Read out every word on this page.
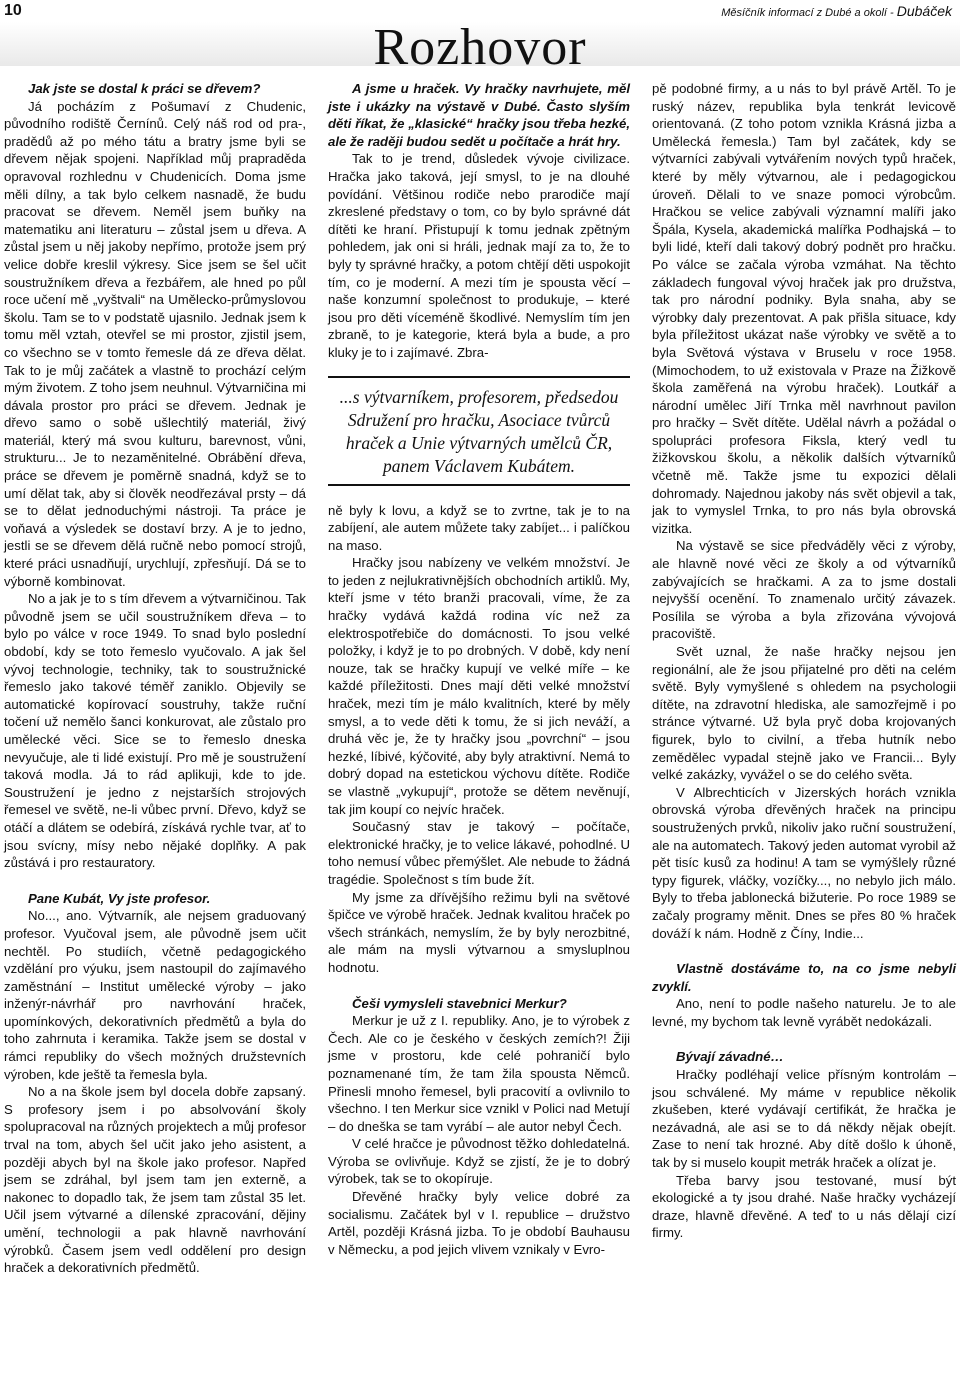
10	Měsíčník informací z Dubé a okolí - Dubáček
Rozhovor

Jak jste se dostal k práci se dřevem?

Já pocházím z Pošumaví z Chudenic, původního rodiště Černínů. Celý náš rod od pra-, pradědů až po mého tátu a bratry jsme byli se dřevem nějak spojeni. Například můj prapraděda opravoval rozhlednu v Chudenicích. Doma jsme měli dílny, a tak bylo celkem nasnadě, že budu pracovat se dřevem. Neměl jsem buňky na matematiku ani literaturu – zůstal jsem u dřeva. A zůstal jsem u něj jakoby nepřímo, protože jsem prý velice dobře kreslil výkresy. Sice jsem se šel učit soustružníkem dřeva a řezbářem, ale hned po půl roce učení mě „vyštvali“ na Umělecko-průmyslovou školu. Tam se to v podstatě ujasnilo. Jednak jsem k tomu měl vztah, otevřel se mi prostor, zjistil jsem, co všechno se v tomto řemesle dá ze dřeva dělat. Tak to je můj začátek a vlastně to prochází celým mým životem. Z toho jsem neuhnul. Výtvarničina mi dávala prostor pro práci se dřevem. Jednak je dřevo samo o sobě ušlechtilý materiál, živý materiál, který má svou kulturu, barevnost, vůni, strukturu... Je to nezaměnitelné. Obrábění dřeva, práce se dřevem je poměrně snadná, když se to umí dělat tak, aby si člověk neodřezával prsty – dá se to dělat jednoduchými nástroji. Ta práce je voňavá a výsledek se dostaví brzy. A je to jedno, jestli se se dřevem dělá ručně nebo pomocí strojů, které práci usnadňují, urychlují, zpřesňují. Dá se to výborně kombinovat.

No a jak je to s tím dřevem a výtvarničinou. Tak původně jsem se učil soustružníkem dřeva – to bylo po válce v roce 1949. To snad bylo poslední období, kdy se toto řemeslo vyučovalo. A jak šel vývoj technologie, techniky, tak to soustružnické řemeslo jako takové téměř zaniklo. Objevily se automatické kopírovací soustruhy, takže ruční točení už nemělo šanci konkurovat, ale zůstalo pro umělecké věci. Sice se to řemeslo dneska nevyučuje, ale ti lidé existují. Pro mě je soustružení taková modla. Já to rád aplikuji, kde to jde. Soustružení je jedno z nejstarších strojových řemesel ve světě, ne-li vůbec první. Dřevo, když se otáčí a dlátem se odebírá, získává rychle tvar, ať to jsou svícny, mísy nebo nějaké doplňky. A pak zůstává i pro restauratory.

Pane Kubát, Vy jste profesor.

No..., ano. Výtvarník, ale nejsem graduovaný profesor. Vyučoval jsem, ale původně jsem učit nechtěl. Po studiích, včetně pedagogického vzdělání pro výuku, jsem nastoupil do zajímavého zaměstnání – Institut umělecké výroby – jako inženýr-návrhář pro navrhování hraček, upomínkových, dekorativních předmětů a byla do toho zahrnuta i keramika. Takže jsem se dostal v rámci republiky do všech možných družstevních výroben, kde ještě ta řemesla byla.

No a na škole jsem byl docela dobře zapsaný. S profesory jsem i po absolvování školy spolupracoval na různých projektech a můj profesor trval na tom, abych šel učit jako jeho asistent, a později abych byl na škole jako profesor. Napřed jsem se zdráhal, byl jsem tam jen externě, a nakonec to dopadlo tak, že jsem tam zůstal 35 let. Učil jsem výtvarné a dílenské zpracování, dějiny umění, technologii a pak hlavně navrhování výrobků. Časem jsem vedl oddělení pro design hraček a dekorativních předmětů.

A jsme u hraček. Vy hračky navrhujete, měl jste i ukázky na výstavě v Dubé. Často slyším děti říkat, že „klasické“ hračky jsou třeba hezké, ale že raději budou sedět u počítače a hrát hry.

Tak to je trend, důsledek vývoje civilizace. Hračka jako taková, její smysl, to je na dlouhé povídání. Většinou rodiče nebo prarodiče mají zkreslené představy o tom, co by bylo správné dát dítěti ke hraní. Přistupují k tomu jednak zpětným pohledem, jak oni si hráli, jednak mají za to, že to byly ty správné hračky, a potom chtějí děti uspokojit tím, co je moderní. A mezi tím je spousta věcí – naše konzumní společnost to produkuje, – které jsou pro děti víceméně škodlivé. Nemyslím tím jen zbraně, to je kategorie, která byla a bude, a pro kluky je to i zajímavé. Zbra-

...s výtvarníkem, profesorem, předsedou Sdružení pro hračku, Asociace tvůrců hraček a Unie výtvarných umělců ČR, panem Václavem Kubátem.

ně byly k lovu, a když se to zvrtne, tak je to na zabíjení, ale autem můžete taky zabíjet... i palíčkou na maso.

Hračky jsou nabízeny ve velkém množství. Je to jeden z nejlukrativnějších obchodních artiklů. My, kteří jsme v této branži pracovali, víme, že za hračky vydává každá rodina víc než za elektrospotřebiče do domácnosti. To jsou velké položky, i když je to po drobných. V době, kdy není nouze, tak se hračky kupují ve velké míře – ke každé příležitosti. Dnes mají děti velké množství hraček, mezi tím je málo kvalitních, které by měly smysl, a to vede děti k tomu, že si jich neváží, a druhá věc je, že ty hračky jsou „povrchní“ – jsou hezké, líbivé, kýčovité, aby byly atraktivní. Nemá to dobrý dopad na estetickou výchovu dítěte. Rodiče se vlastně „vykupují“, protože se dětem nevěnují, tak jim koupí co nejvíc hraček.

Současný stav je takový – počítače, elektronické hračky, je to velice lákavé, pohodlné. U toho nemusí vůbec přemýšlet. Ale nebude to žádná tragédie. Společnost s tím bude žít.

My jsme za dřívějšího režimu byli na světové špičce ve výrobě hraček. Jednak kvalitou hraček po všech stránkách, nemyslím, že by byly nerozbitné, ale mám na mysli výtvarnou a smysluplnou hodnotu.

Češi vymysleli stavebnici Merkur?

Merkur je už z I. republiky. Ano, je to výrobek z Čech. Ale co je českého v českých zemích?! Žiji jsme v prostoru, kde celé pohraničí bylo poznamenané tím, že tam žila spousta Němců. Přinesli mnoho řemesel, byli pracovití a ovlivnilo to všechno. I ten Merkur sice vznikl v Polici nad Metují – do dneška se tam vyrábí – ale autor nebyl Čech.

V celé hračce je původnost těžko dohledatelná. Výroba se ovlivňuje. Když se zjistí, že je to dobrý výrobek, tak se to okopíruje.

Dřevěné hračky byly velice dobré za socialismu. Začátek byl v I. republice – družstvo Artěl, později Krásná jizba. To je období Bauhausu v Německu, a pod jejich vlivem vznikaly v Evro-

pě podobné firmy, a u nás to byl právě Artěl. To je ruský název, republika byla tenkrát levicově orientovaná. (Z toho potom vznikla Krásná jizba a Umělecká řemesla.) Tam byl začátek, kdy se výtvarníci zabývali vytvářením nových typů hraček, které by měly výtvarnou, ale i pedagogickou úroveň. Dělali to ve snaze pomoci výrobcům. Hračkou se velice zabývali významní malíři jako Špála, Kysela, akademická malířka Podhajská – to byli lidé, kteří dali takový dobrý podnět pro hračku. Po válce se začala výroba vzmáhat. Na těchto základech fungoval vývoj hraček jak pro družstva, tak pro národní podniky. Byla snaha, aby se výrobky daly prezentovat. A pak přišla situace, kdy byla příležitost ukázat naše výrobky ve světě a to byla Světová výstava v Bruselu v roce 1958. (Mimochodem, to už existovala v Praze na Žižkově škola zaměřená na výrobu hraček). Loutkář a národní umělec Jiří Trnka měl navrhnout pavilon pro hračky – Svět dítěte. Udělal návrh a požádal o spolupráci profesora Fiksla, který vedl tu žižkovskou školu, a několik dalších výtvarníků včetně mě. Takže jsme tu expozici dělali dohromady. Najednou jakoby nás svět objevil a tak, jak to vymyslel Trnka, to pro nás byla obrovská vizitka.

Na výstavě se sice předváděly věci z výroby, ale hlavně nové věci ze školy a od výtvarníků zabývajících se hračkami. A za to jsme dostali nejvyšší ocenění. To znamenalo určitý závazek. Posílila se výroba a byla zřizována vývojová pracoviště.

Svět uznal, že naše hračky nejsou jen regionální, ale že jsou přijatelné pro děti na celém světě. Byly vymyšlené s ohledem na psychologii dítěte, na zdravotní hlediska, ale samozřejmě i po stránce výtvarné. Už byla pryč doba krojovaných figurek, bylo to civilní, a třeba hutník nebo zemědělec vypadal stejně jako ve Francii... Byly velké zakázky, vyvážel o se do celého světa.

V Albrechticích v Jizerských horách vznikla obrovská výroba dřevěných hraček na principu soustružených prvků, nikoliv jako ruční soustružení, ale na automatech. Takový jeden automat vyrobil až pět tisíc kusů za hodinu! A tam se vymýšlely různé typy figurek, vláčky, vozíčky..., no nebylo jich málo. Byly to třeba jablonecká bižuterie. Po roce 1989 se začaly programy měnit. Dnes se přes 80 % hraček dováží k nám. Hodně z Číny, Indie...

Vlastně dostáváme to, na co jsme nebyli zvyklí.

Ano, není to podle našeho naturelu. Je to ale levné, my bychom tak levně vyrábět nedokázali.

Bývají závadné…

Hračky podléhají velice přísným kontrolám – jsou schválené. My máme v republice několik zkušeben, které vydávají certifikát, že hračka je nezávadná, ale asi se to dá někdy nějak obejít. Zase to není tak hrozné. Aby dítě došlo k úhoně, tak by si muselo koupit metrák hraček a olízat je.

Třeba barvy jsou testované, musí být ekologické a ty jsou drahé. Naše hračky vycházejí draze, hlavně dřevěné. A teď to u nás dělají cizí firmy.
